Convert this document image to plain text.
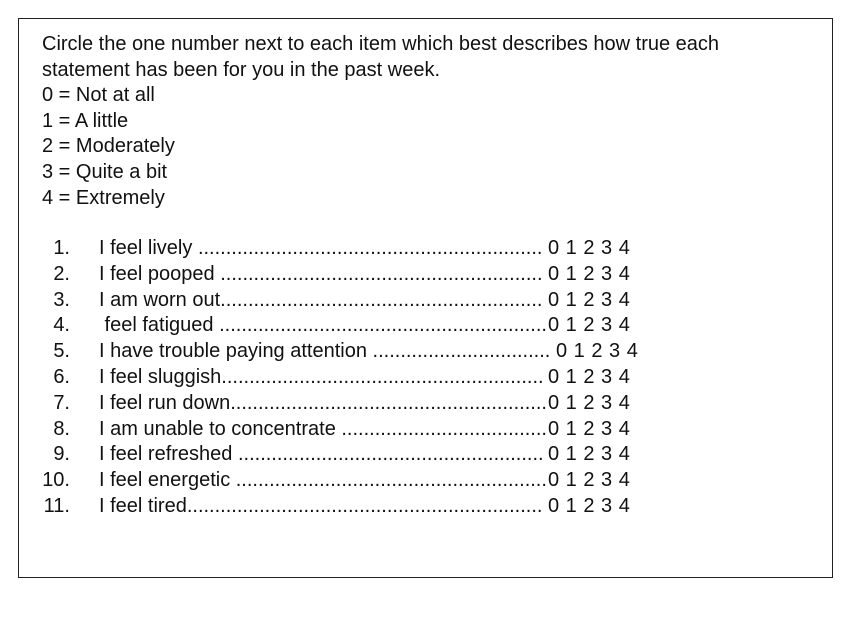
Circle the one number next to each item which best describes how true each
statement has been for you in the past week.
0 = Not at all
1 = A little
2 = Moderately
3 = Quite a bit
4 = Extremely
1. I feel lively .............................................................. 0 1 2 3 4
2. I feel pooped .......................................................... 0 1 2 3 4
3. I am worn out.......................................................... 0 1 2 3 4
4. feel fatigued ........................................................... 0 1 2 3 4
5. I have trouble paying attention ................................ 0 1 2 3 4
6. I feel sluggish.......................................................... 0 1 2 3 4
7. I feel run down......................................................... 0 1 2 3 4
8. I am unable to concentrate ..................................... 0 1 2 3 4
9. I feel refreshed ....................................................... 0 1 2 3 4
10. I feel energetic ........................................................ 0 1 2 3 4
11. I feel tired................................................................ 0 1 2 3 4
